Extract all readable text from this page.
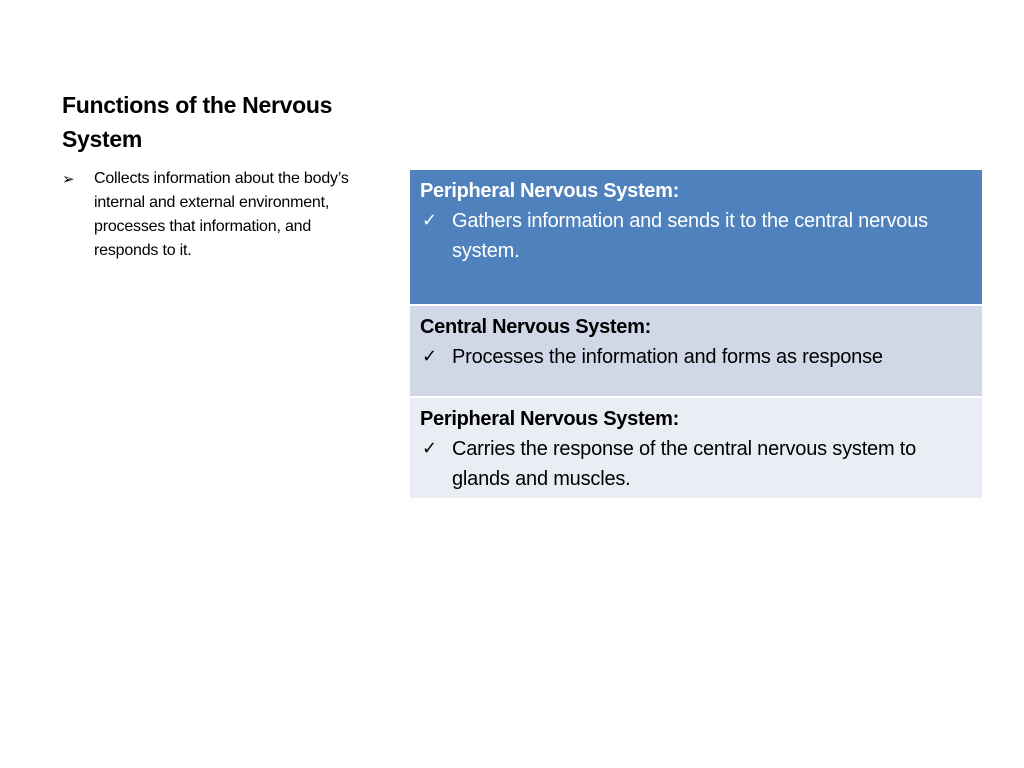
Functions of the Nervous System
➢ Collects information about the body’s internal and external environment, processes that information, and responds to it.
Peripheral Nervous System:
✓ Gathers information and sends it to the central nervous system.

Central Nervous System:
✓ Processes the information and forms as response

Peripheral Nervous System:
✓ Carries the response of the central nervous system to glands and muscles.
